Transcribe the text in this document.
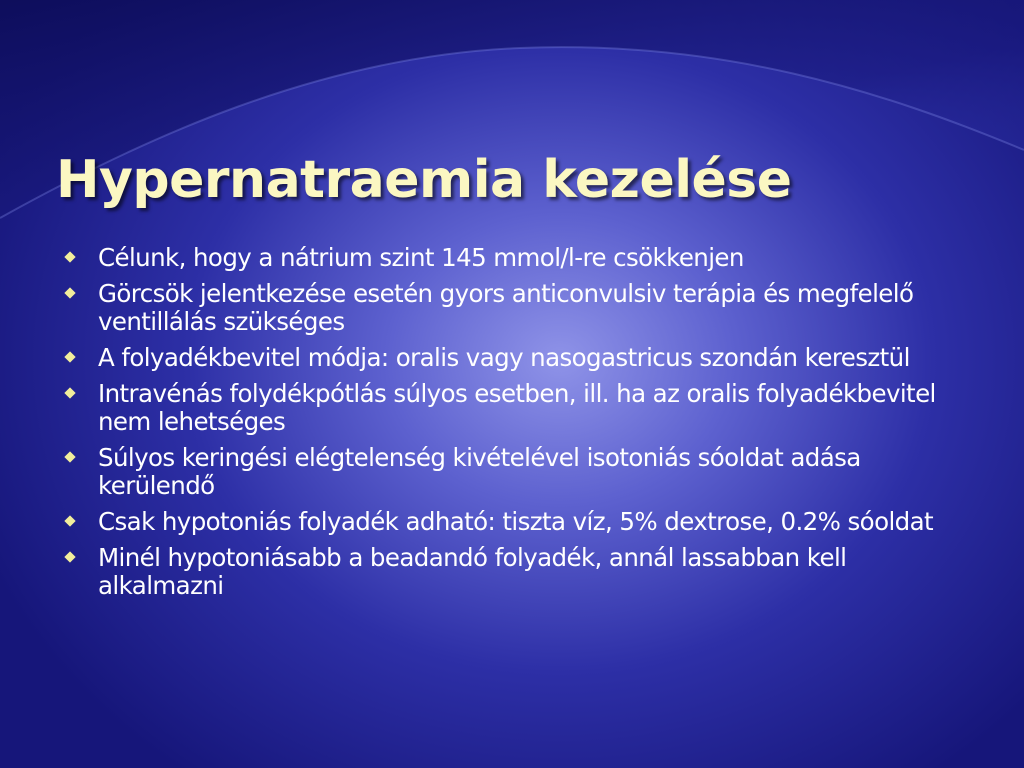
Hypernatraemia kezelése
Célunk, hogy a nátrium szint 145 mmol/l-re csökkenjen
Görcsök jelentkezése esetén gyors anticonvulsiv terápia és megfelelő ventillálás szükséges
A folyadékbevitel módja: oralis vagy nasogastricus szondán keresztül
Intravénás folydékpótlás súlyos esetben, ill. ha az oralis folyadékbevitel nem lehetséges
Súlyos keringési elégtelenség kivételével isotoniás sóoldat adása kerülendő
Csak hypotoniás folyadék adható: tiszta víz, 5% dextrose, 0.2% sóoldat
Minél hypotoniásabb a beadandó folyadék, annál lassabban kell alkalmazni
